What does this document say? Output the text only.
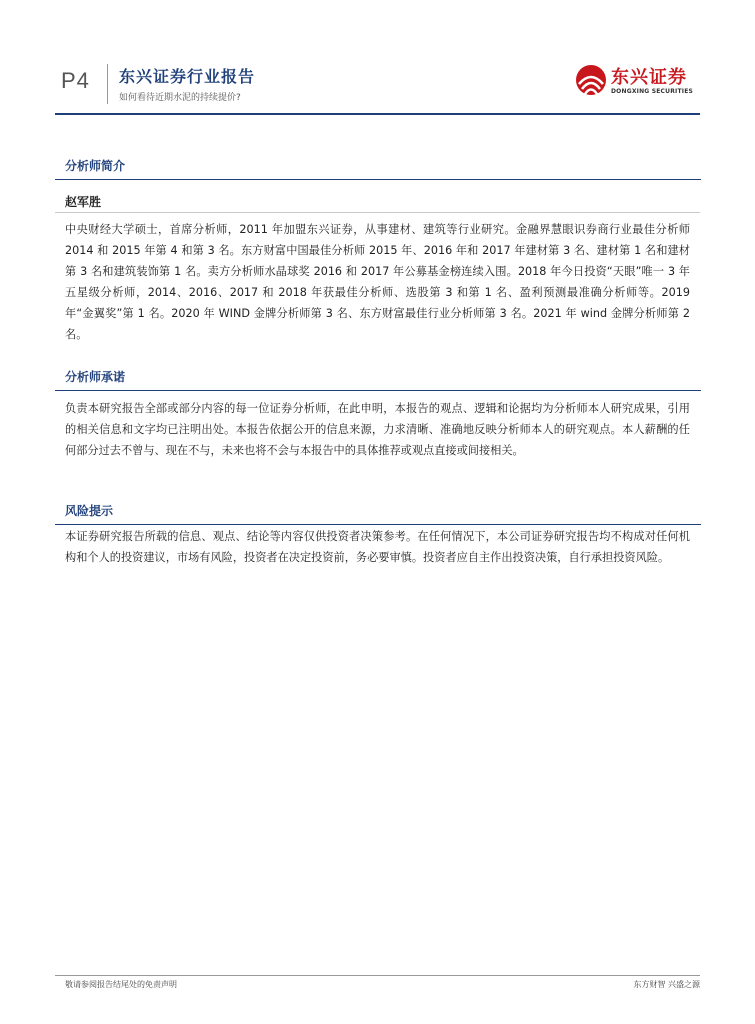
P4 东兴证券行业报告
如何看待近期水泥的持续提价?
东兴证券
DONGXING SECURITIES
分析师简介
赵军胜

中央财经大学硕士，首席分析师，2011 年加盟东兴证券，从事建材、建筑等行业研究。金融界慧眼识券商行业最佳分析师 2014 和 2015 年第 4 和第 3 名。东方财富中国最佳分析师 2015 年、2016 年和 2017 年建材第 3 名、建材第 1 名和建材第 3 名和建筑装饰第 1 名。卖方分析师水晶球奖 2016 和 2017 年公募基金榜连续入围。2018 年今日投资“天眼”唯一 3 年五星级分析师，2014、2016、2017 和 2018 年获最佳分析师、选股第 3 和第 1 名、盈利预测最准确分析师等。2019 年“金翼奖”第 1 名。2020 年 WIND 金牌分析师第 3 名、东方财富最佳行业分析师第 3 名。2021 年 wind 金牌分析师第 2 名。

分析师承诺

负责本研究报告全部或部分内容的每一位证券分析师，在此申明，本报告的观点、逻辑和论据均为分析师本人研究成果，引用的相关信息和文字均已注明出处。本报告依据公开的信息来源，力求清晰、准确地反映分析师本人的研究观点。本人薪酬的任何部分过去不曾与、现在不与，未来也将不会与本报告中的具体推荐或观点直接或间接相关。

风险提示

本证券研究报告所载的信息、观点、结论等内容仅供投资者决策参考。在任何情况下，本公司证券研究报告均不构成对任何机构和个人的投资建议，市场有风险，投资者在决定投资前，务必要审慎。投资者应自主作出投资决策，自行承担投资风险。

敬请参阅报告结尾处的免责声明	东方财智 兴盛之源
